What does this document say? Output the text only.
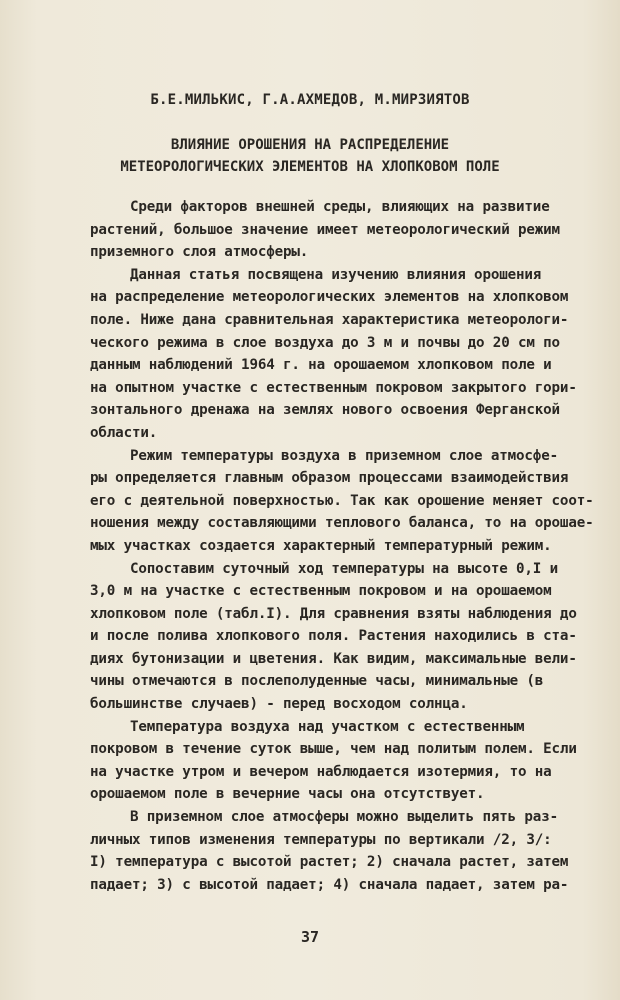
Б.Е.МИЛЬКИС, Г.А.АХМЕДОВ, М.МИРЗИЯТОВ
ВЛИЯНИЕ ОРОШЕНИЯ НА РАСПРЕДЕЛЕНИЕ
МЕТЕОРОЛОГИЧЕСКИХ ЭЛЕМЕНТОВ НА ХЛОПКОВОМ ПОЛЕ
Среди факторов внешней среды, влияющих на развитие
растений, большое значение имеет метеорологический режим
приземного слоя атмосферы.
Данная статья посвящена изучению влияния орошения
на распределение метеорологических элементов на хлопковом
поле. Ниже дана сравнительная характеристика метеорологи-
ческого режима в слое воздуха до 3 м и почвы до 20 см по
данным наблюдений 1964 г. на орошаемом хлопковом поле и
на опытном участке с естественным покровом закрытого гори-
зонтального дренажа на землях нового освоения Ферганской
области.
Режим температуры воздуха в приземном слое атмосфе-
ры определяется главным образом процессами взаимодействия
его с деятельной поверхностью. Так как орошение меняет соот-
ношения между составляющими теплового баланса, то на орошае-
мых участках создается характерный температурный режим.
Сопоставим суточный ход температуры на высоте 0,I и
3,0 м на участке с естественным покровом и на орошаемом
хлопковом поле (табл.I). Для сравнения взяты наблюдения до
и после полива хлопкового поля. Растения находились в ста-
диях бутонизации и цветения. Как видим, максимальные вели-
чины отмечаются в послеполуденные часы, минимальные (в
большинстве случаев) - перед восходом солнца.
Температура воздуха над участком с естественным
покровом в течение суток выше, чем над политым полем. Если
на участке утром и вечером наблюдается изотермия, то на
орошаемом поле в вечерние часы она отсутствует.
В приземном слое атмосферы можно выделить пять раз-
личных типов изменения температуры по вертикали /2, 3/:
I) температура с высотой растет; 2) сначала растет, затем
падает; 3) с высотой падает; 4) сначала падает, затем ра-
37
